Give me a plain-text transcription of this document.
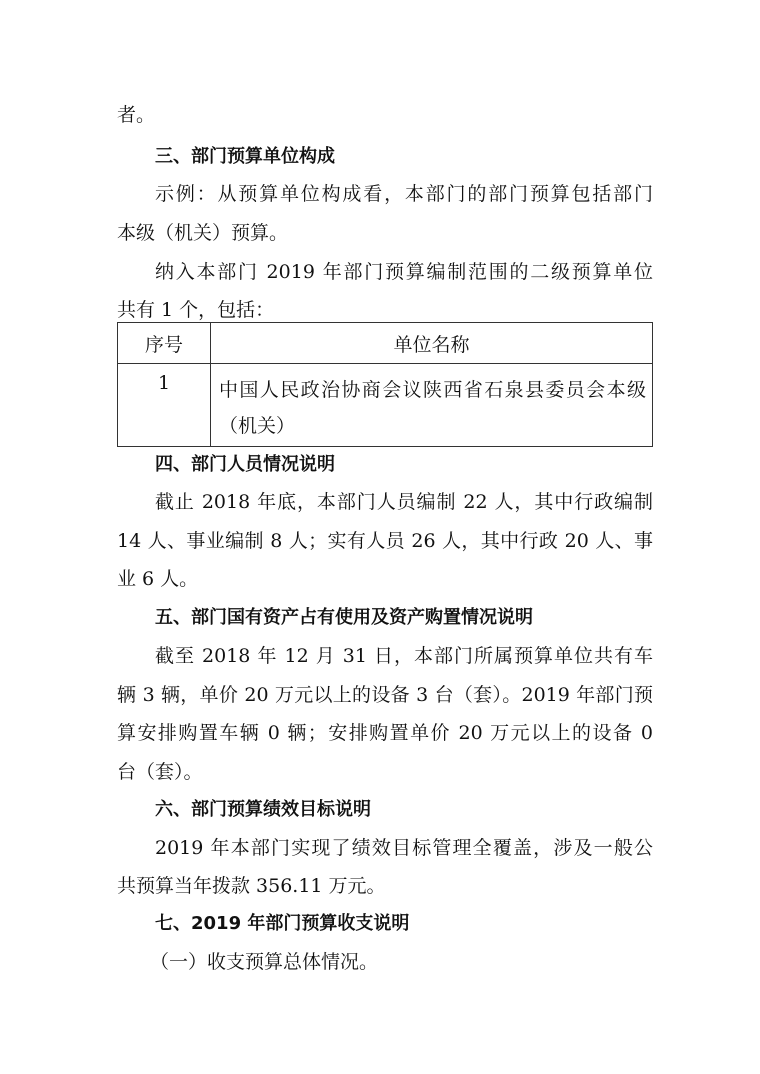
者。
三、部门预算单位构成
示例：从预算单位构成看，本部门的部门预算包括部门
本级（机关）预算。
纳入本部门 2019 年部门预算编制范围的二级预算单位
共有 1 个，包括：
序号	单位名称
1	中国人民政治协商会议陕西省石泉县委员会本级（机关）
四、部门人员情况说明
截止 2018 年底，本部门人员编制 22 人，其中行政编制
14 人、事业编制 8 人；实有人员 26 人，其中行政 20 人、事
业 6 人。
五、部门国有资产占有使用及资产购置情况说明
截至 2018 年 12 月 31 日，本部门所属预算单位共有车
辆 3 辆，单价 20 万元以上的设备 3 台（套）。2019 年部门预
算安排购置车辆 0 辆；安排购置单价 20 万元以上的设备 0
台（套）。
六、部门预算绩效目标说明
2019 年本部门实现了绩效目标管理全覆盖，涉及一般公
共预算当年拨款 356.11 万元。
七、2019 年部门预算收支说明
（一）收支预算总体情况。
